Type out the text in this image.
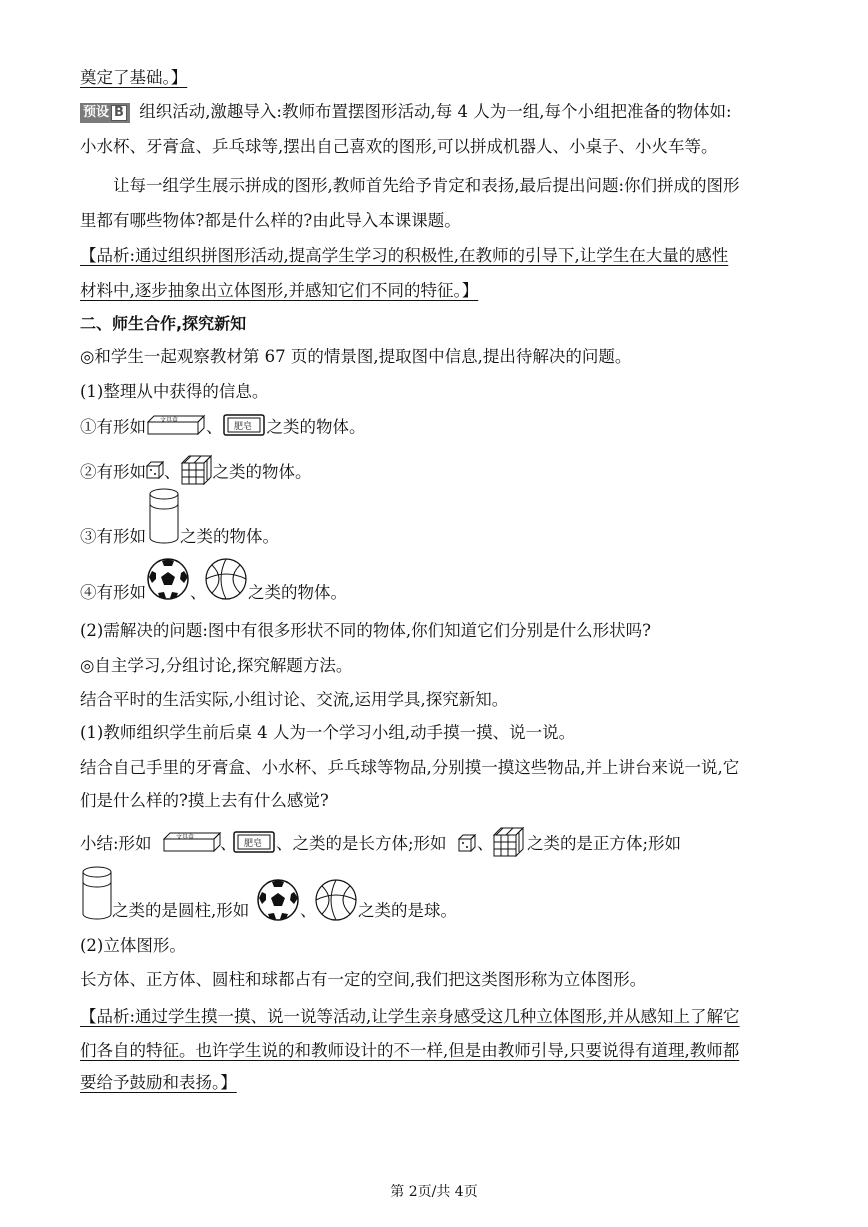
奠定了基础。】
预设 B 组织活动,激趣导入:教师布置摆图形活动,每 4 人为一组,每个小组把准备的物体如:
小水杯、牙膏盒、乒乓球等,摆出自己喜欢的图形,可以拼成机器人、小桌子、小火车等。
让每一组学生展示拼成的图形,教师首先给予肯定和表扬,最后提出问题:你们拼成的图形
里都有哪些物体?都是什么样的?由此导入本课课题。
【品析:通过组织拼图形活动,提高学生学习的积极性,在教师的引导下,让学生在大量的感性
材料中,逐步抽象出立体图形,并感知它们不同的特征。】
二、师生合作,探究新知
◎和学生一起观察教材第 67 页的情景图,提取图中信息,提出待解决的问题。
(1)整理从中获得的信息。
①有形如 文具盒 、 肥皂 之类的物体。
②有形如 、 之类的物体。
③有形如 之类的物体。
④有形如	、	之类的物体。
(2)需解决的问题:图中有很多形状不同的物体,你们知道它们分别是什么形状吗?
◎自主学习,分组讨论,探究解题方法。
结合平时的生活实际,小组讨论、交流,运用学具,探究新知。
(1)教师组织学生前后桌 4 人为一个学习小组,动手摸一摸、说一说。
结合自己手里的牙膏盒、小水杯、乒乓球等物品,分别摸一摸这些物品,并上讲台来说一说,它
们是什么样的?摸上去有什么感觉?
小结:形如	文具盒 、 肥皂 、之类的是长方体;形如 、 之类的是正方体;形如
之类的是圆柱,形如	、	之类的是球。
(2)立体图形。
长方体、正方体、圆柱和球都占有一定的空间,我们把这类图形称为立体图形。
【品析:通过学生摸一摸、说一说等活动,让学生亲身感受这几种立体图形,并从感知上了解它
们各自的特征。也许学生说的和教师设计的不一样,但是由教师引导,只要说得有道理,教师都
要给予鼓励和表扬。】
第 2页/共 4页
